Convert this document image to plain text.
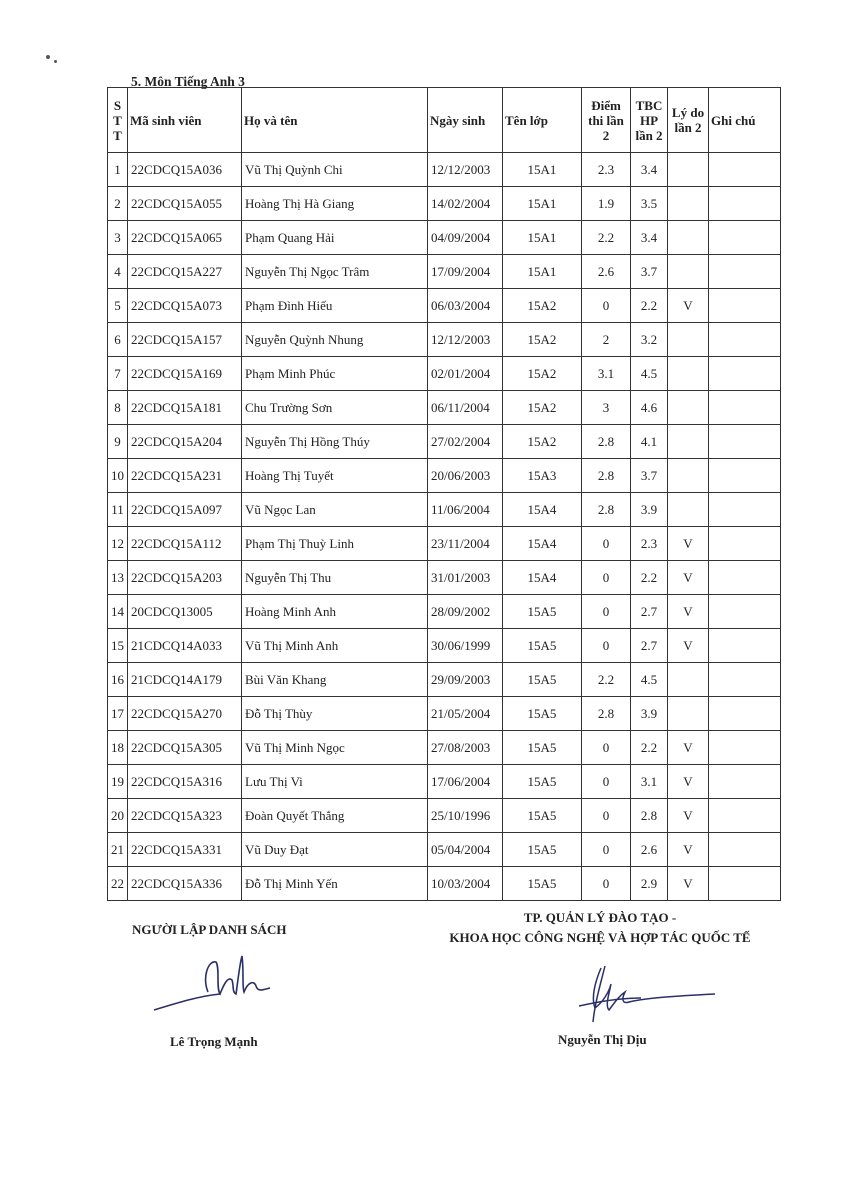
5. Môn Tiếng Anh 3
STT	Mã sinh viên	Họ và tên	Ngày sinh	Tên lớp	Điểm thi lần 2	TBC HP lần 2	Lý do lần 2	Ghi chú
1	22CDCQ15A036	Vũ Thị Quỳnh Chi	12/12/2003	15A1	2.3	3.4		
2	22CDCQ15A055	Hoàng Thị Hà Giang	14/02/2004	15A1	1.9	3.5		
3	22CDCQ15A065	Phạm Quang Hải	04/09/2004	15A1	2.2	3.4		
4	22CDCQ15A227	Nguyễn Thị Ngọc Trâm	17/09/2004	15A1	2.6	3.7		
5	22CDCQ15A073	Phạm Đình Hiếu	06/03/2004	15A2	0	2.2	V	
6	22CDCQ15A157	Nguyễn Quỳnh Nhung	12/12/2003	15A2	2	3.2		
7	22CDCQ15A169	Phạm Minh Phúc	02/01/2004	15A2	3.1	4.5		
8	22CDCQ15A181	Chu Trường Sơn	06/11/2004	15A2	3	4.6		
9	22CDCQ15A204	Nguyễn Thị Hồng Thúy	27/02/2004	15A2	2.8	4.1		
10	22CDCQ15A231	Hoàng Thị Tuyết	20/06/2003	15A3	2.8	3.7		
11	22CDCQ15A097	Vũ Ngọc Lan	11/06/2004	15A4	2.8	3.9		
12	22CDCQ15A112	Phạm Thị Thuỳ Linh	23/11/2004	15A4	0	2.3	V	
13	22CDCQ15A203	Nguyễn Thị Thu	31/01/2003	15A4	0	2.2	V	
14	20CDCQ13005	Hoàng Minh Anh	28/09/2002	15A5	0	2.7	V	
15	21CDCQ14A033	Vũ Thị Minh Anh	30/06/1999	15A5	0	2.7	V	
16	21CDCQ14A179	Bùi Văn Khang	29/09/2003	15A5	2.2	4.5		
17	22CDCQ15A270	Đỗ Thị Thùy	21/05/2004	15A5	2.8	3.9		
18	22CDCQ15A305	Vũ Thị Minh Ngọc	27/08/2003	15A5	0	2.2	V	
19	22CDCQ15A316	Lưu Thị Vi	17/06/2004	15A5	0	3.1	V	
20	22CDCQ15A323	Đoàn Quyết Thắng	25/10/1996	15A5	0	2.8	V	
21	22CDCQ15A331	Vũ Duy Đạt	05/04/2004	15A5	0	2.6	V	
22	22CDCQ15A336	Đỗ Thị Minh Yến	10/03/2004	15A5	0	2.9	V	
NGƯỜI LẬP DANH SÁCH
Lê Trọng Mạnh
TP. QUẢN LÝ ĐÀO TẠO -
KHOA HỌC CÔNG NGHỆ VÀ HỢP TÁC QUỐC TẾ
Nguyễn Thị Dịu
